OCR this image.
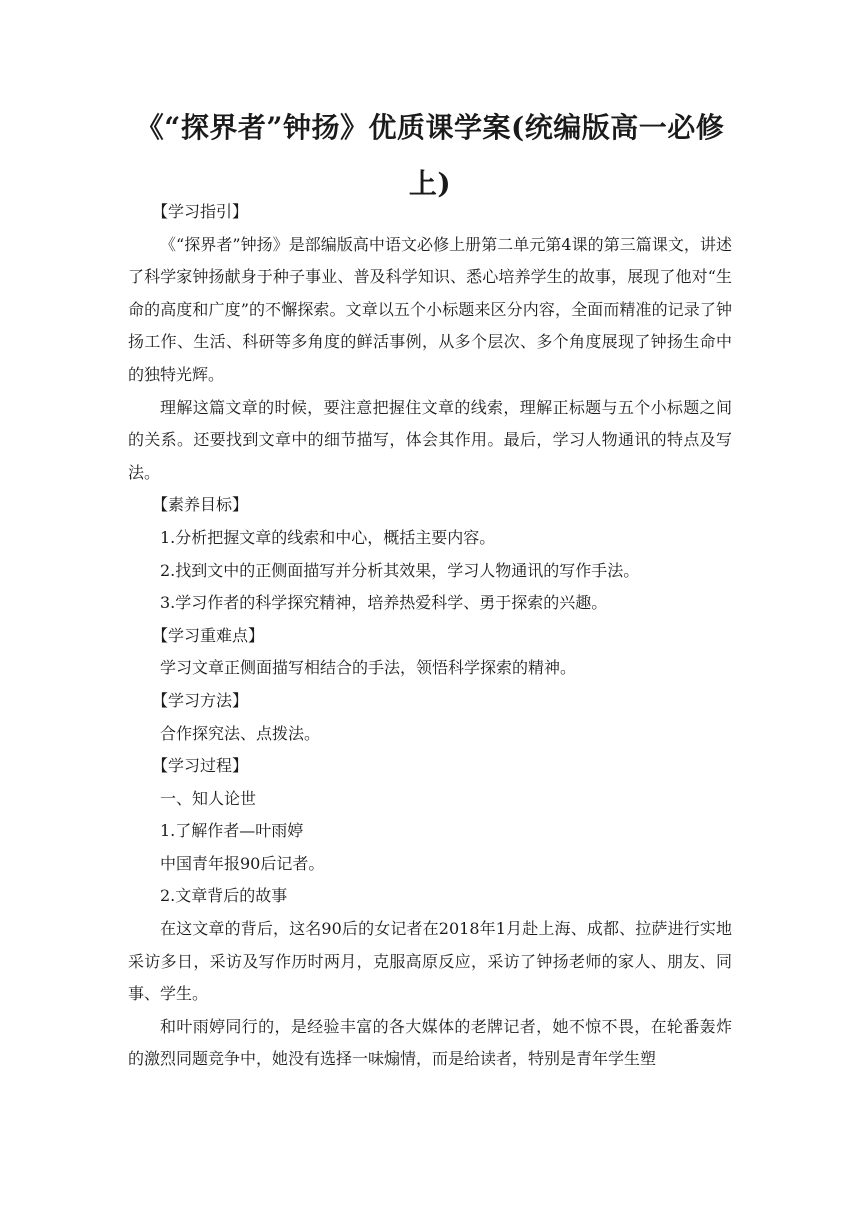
《“探界者”钟扬》优质课学案(统编版高一必修上)

【学习指引】

《“探界者”钟扬》是部编版高中语文必修上册第二单元第4课的第三篇课文，讲述了科学家钟扬献身于种子事业、普及科学知识、悉心培养学生的故事，展现了他对“生命的高度和广度”的不懈探索。文章以五个小标题来区分内容，全面而精准的记录了钟扬工作、生活、科研等多角度的鲜活事例，从多个层次、多个角度展现了钟扬生命中的独特光辉。

理解这篇文章的时候，要注意把握住文章的线索，理解正标题与五个小标题之间的关系。还要找到文章中的细节描写，体会其作用。最后，学习人物通讯的特点及写法。

【素养目标】

1.分析把握文章的线索和中心，概括主要内容。

2.找到文中的正侧面描写并分析其效果，学习人物通讯的写作手法。

3.学习作者的科学探究精神，培养热爱科学、勇于探索的兴趣。

【学习重难点】

学习文章正侧面描写相结合的手法，领悟科学探索的精神。

【学习方法】

合作探究法、点拨法。

【学习过程】

一、知人论世

1.了解作者—叶雨婷

中国青年报90后记者。

2.文章背后的故事

在这文章的背后，这名90后的女记者在2018年1月赴上海、成都、拉萨进行实地采访多日，采访及写作历时两月，克服高原反应，采访了钟扬老师的家人、朋友、同事、学生。

和叶雨婷同行的，是经验丰富的各大媒体的老牌记者，她不惊不畏，在轮番轰炸的激烈同题竞争中，她没有选择一味煽情，而是给读者，特别是青年学生塑
